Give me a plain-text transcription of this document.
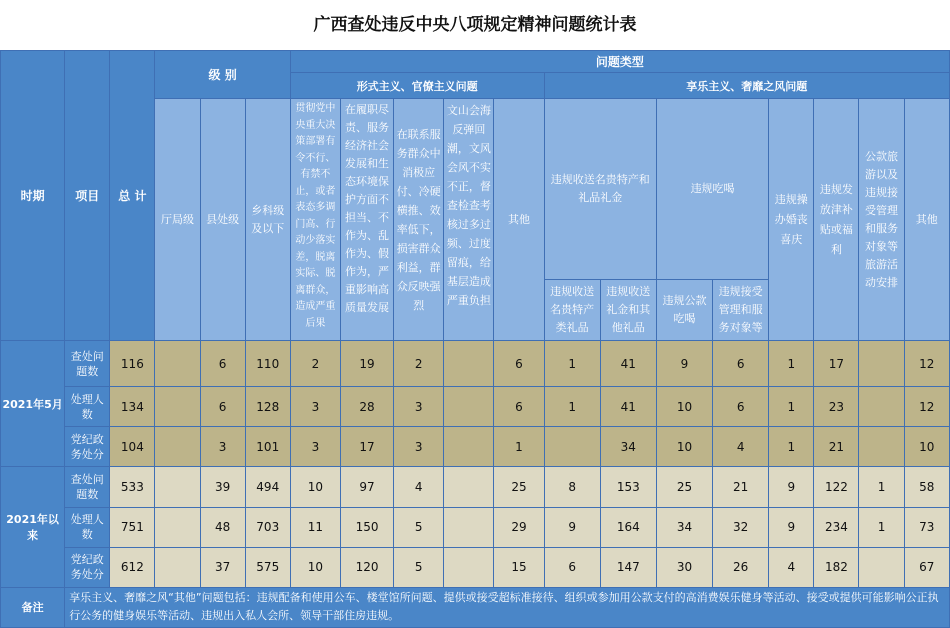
广西查处违反中央八项规定精神问题统计表
时期	项目	总 计	级 别			问题类型												
						形式主义、官僚主义问题					享乐主义、奢靡之风问题							
			厅局级	县处级	乡科级及以下	贯彻党中央重大决策部署有令不行、有禁不止，或者表态多调门高、行动少落实差，脱离实际、脱离群众，造成严重后果	在履职尽责、服务经济社会发展和生态环境保护方面不担当、不作为、乱作为、假作为，严重影响高质量发展	在联系服务群众中消极应付、冷硬横推、效率低下，损害群众利益，群众反映强烈	文山会海反弹回潮，文风会风不实不正，督查检查考核过多过频、过度留痕，给基层造成严重负担	其他	违规收送名贵特产和礼品礼金		违规吃喝		违规操办婚丧喜庆	违规发放津补贴或福利	公款旅游以及违规接受管理和服务对象等旅游活动安排	其他

											违规收送名贵特产类礼品	违规收送礼金和其他礼品	违规公款吃喝	违规接受管理和服务对象等				
2021年5月	查处问题数	116		6	110	2	19	2		6	1	41	9	6	1	17		12
	处理人数	134		6	128	3	28	3		6	1	41	10	6	1	23		12
	党纪政务处分	104		3	101	3	17	3		1		34	10	4	1	21		10
2021年以来	查处问题数	533		39	494	10	97	4		25	8	153	25	21	9	122	1	58
	处理人数	751		48	703	11	150	5		29	9	164	34	32	9	234	1	73
	党纪政务处分	612		37	575	10	120	5		15	6	147	30	26	4	182		67
备注	享乐主义、奢靡之风“其他”问题包括：违规配备和使用公车、楼堂馆所问题、提供或接受超标准接待、组织或参加用公款支付的高消费娱乐健身等活动、接受或提供可能影响公正执行公务的健身娱乐等活动、违规出入私人会所、领导干部住房违规。																	
